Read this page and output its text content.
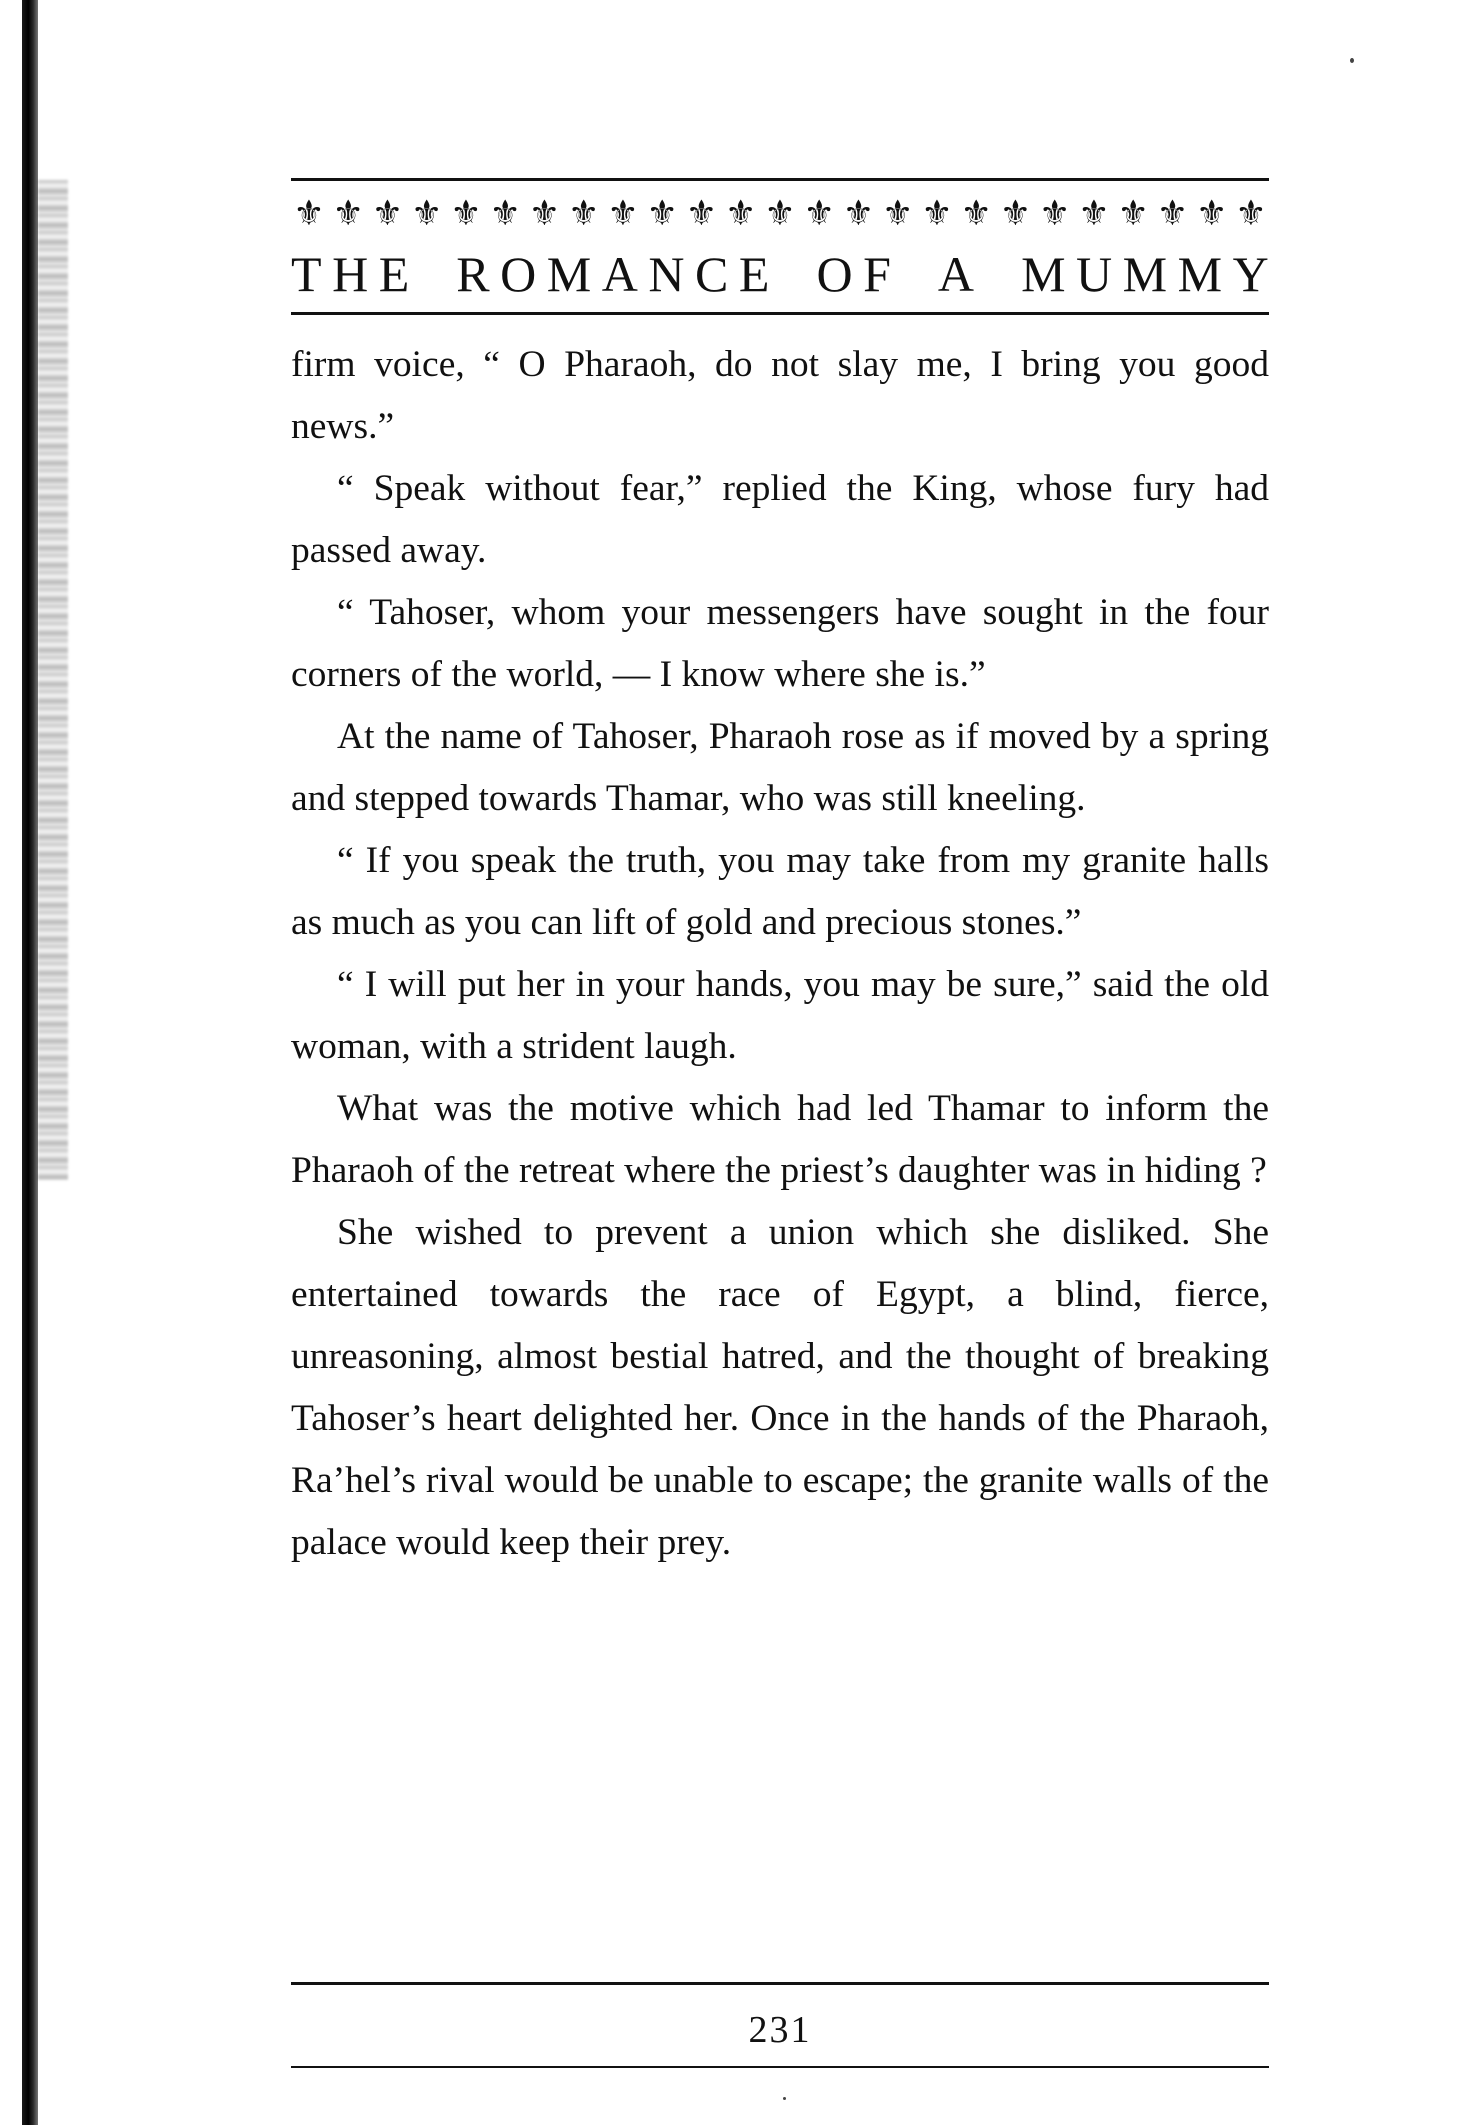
⚜ ⚜ ⚜ ⚜ ⚜ ⚜ ⚜ ⚜ ⚜ ⚜ ⚜ ⚜ ⚜ ⚜ ⚜ ⚜ ⚜ ⚜ ⚜ ⚜ ⚜ ⚜ ⚜ ⚜ ⚜
T H E
R O M A N C E
O F
A
M U M M Y

firm voice, “ O Pharaoh, do not slay me, I bring you good news.”

“ Speak without fear,” replied the King, whose fury had passed away.

“ Tahoser, whom your messengers have sought in the four corners of the world, — I know where she is.”

At the name of Tahoser, Pharaoh rose as if moved by a spring and stepped towards Thamar, who was still kneeling.

“ If you speak the truth, you may take from my granite halls as much as you can lift of gold and precious stones.”

“ I will put her in your hands, you may be sure,” said the old woman, with a strident laugh.

What was the motive which had led Thamar to inform the Pharaoh of the retreat where the priest’s daughter was in hiding ?

She wished to prevent a union which she disliked. She entertained towards the race of Egypt, a blind, fierce, unreasoning, almost bestial hatred, and the thought of breaking Tahoser’s heart delighted her. Once in the hands of the Pharaoh, Ra’hel’s rival would be unable to escape; the granite walls of the palace would keep their prey.

231
